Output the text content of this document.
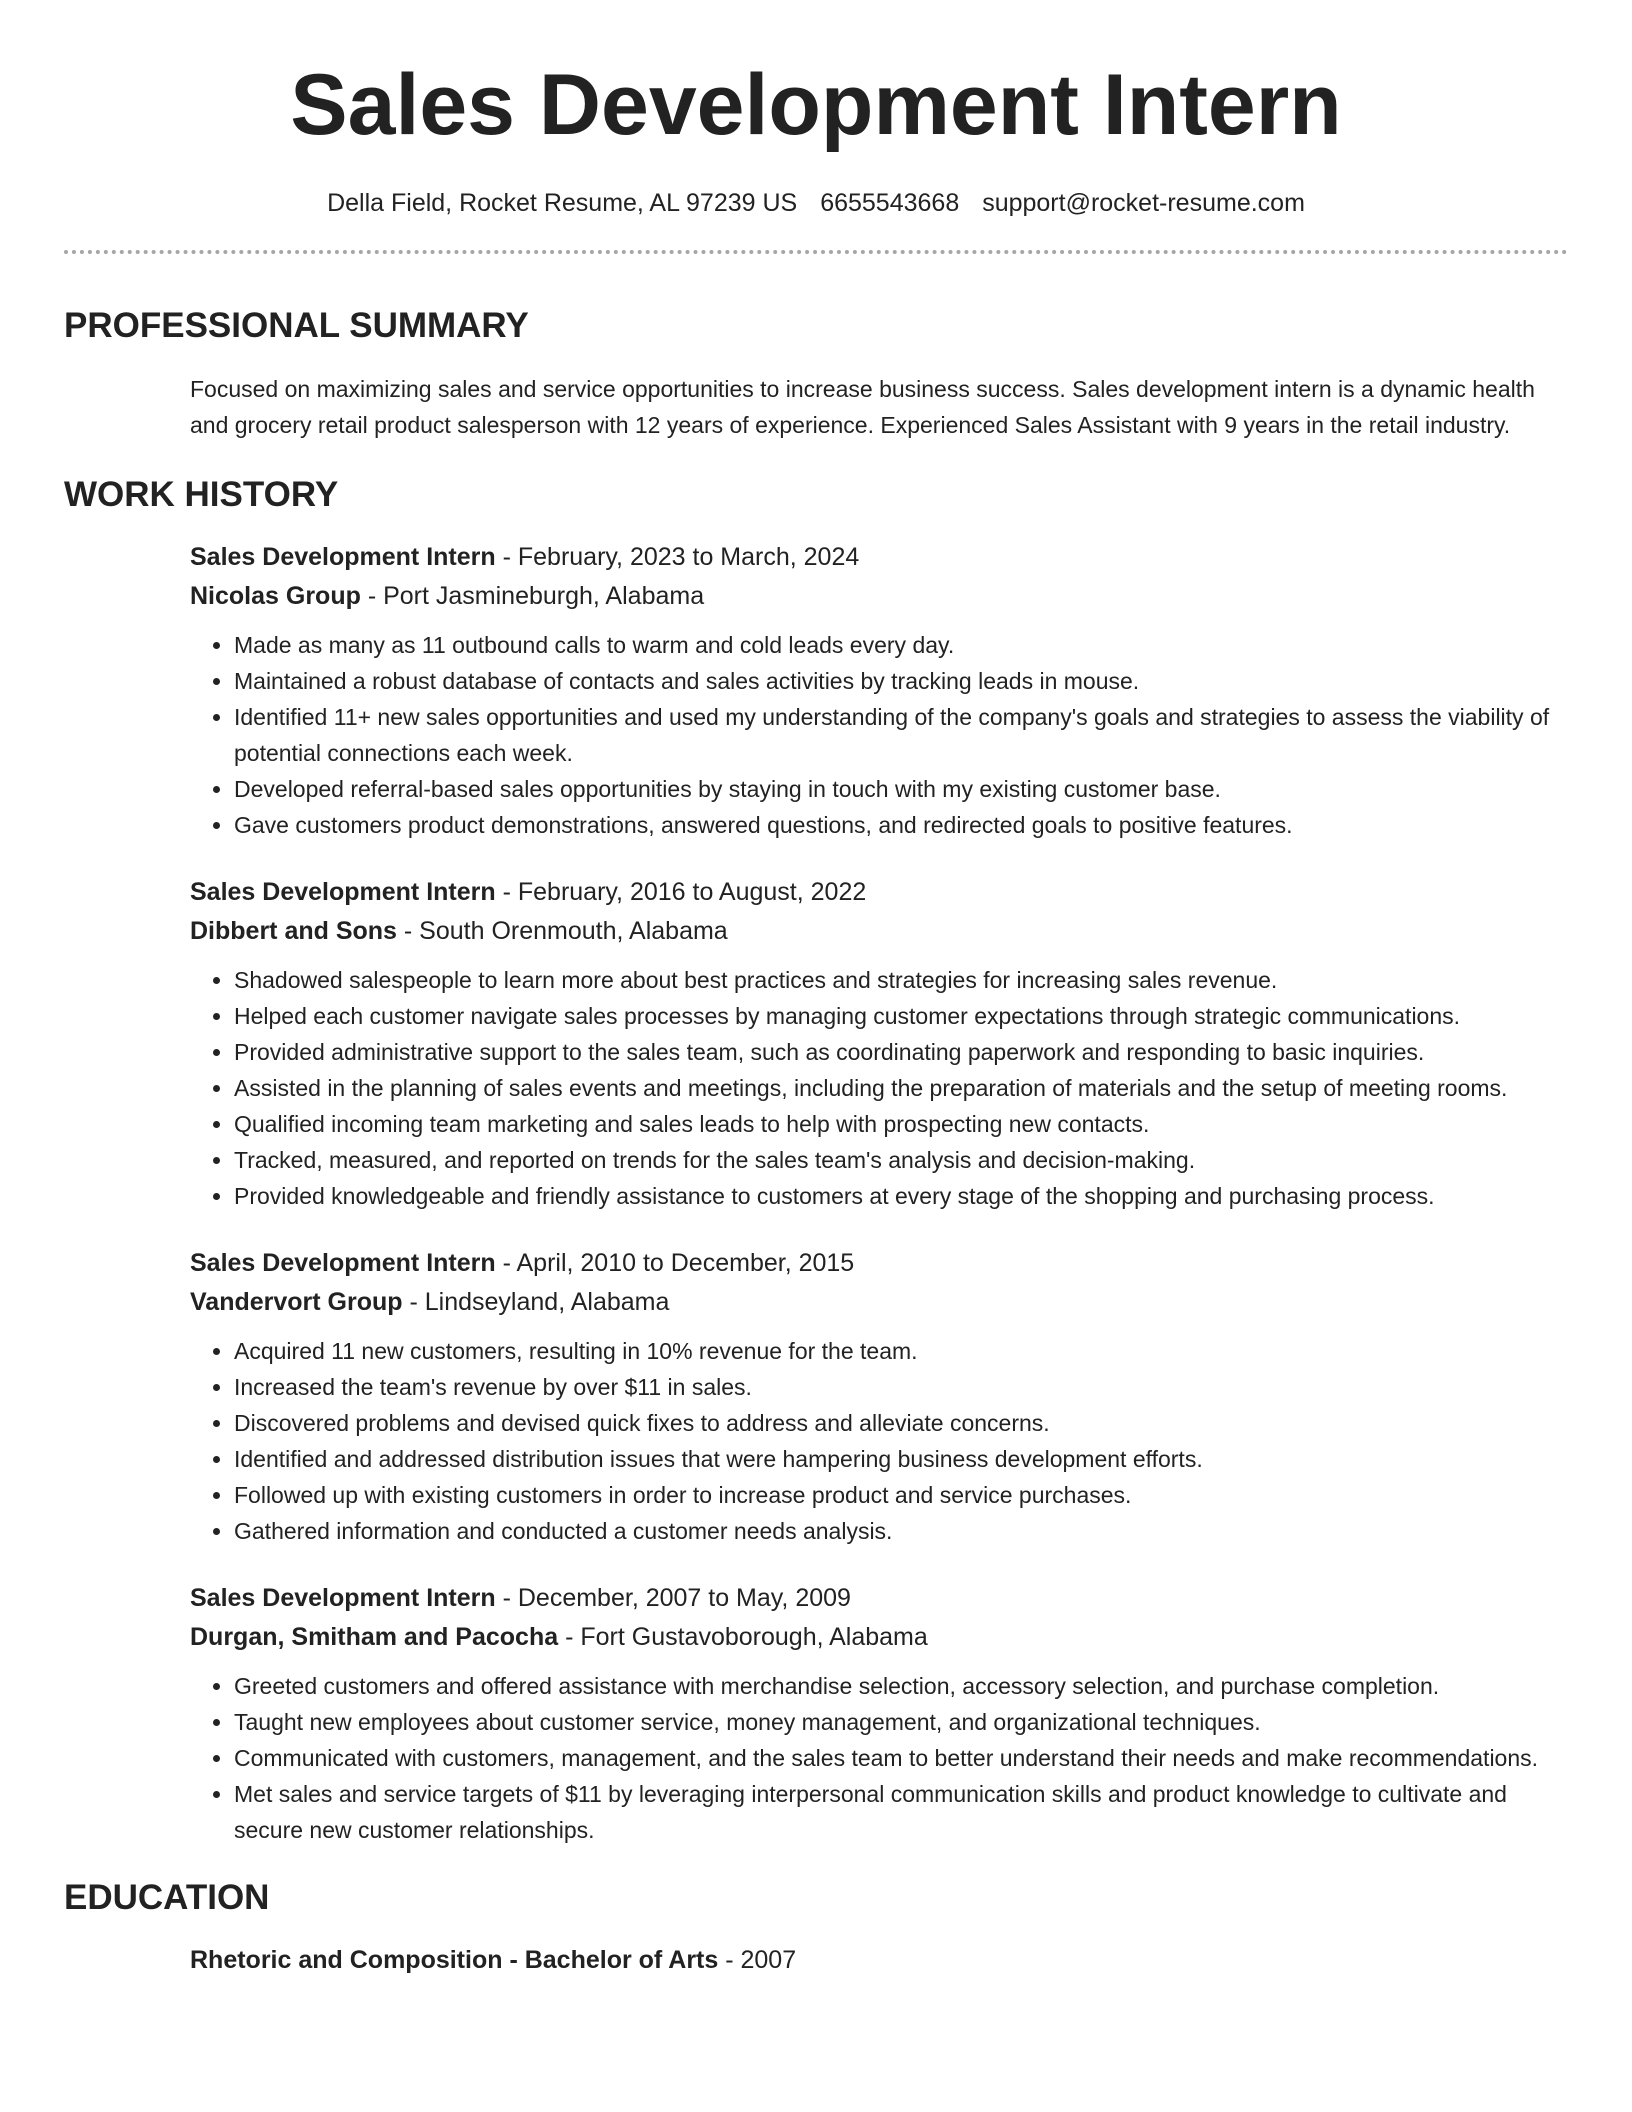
Sales Development Intern
Della Field, Rocket Resume, AL 97239 US 6655543668 support@rocket-resume.com
PROFESSIONAL SUMMARY
Focused on maximizing sales and service opportunities to increase business success. Sales development intern is a dynamic health and grocery retail product salesperson with 12 years of experience. Experienced Sales Assistant with 9 years in the retail industry.
WORK HISTORY
Sales Development Intern - February, 2023 to March, 2024
Nicolas Group - Port Jasmineburgh, Alabama
• Made as many as 11 outbound calls to warm and cold leads every day.
• Maintained a robust database of contacts and sales activities by tracking leads in mouse.
• Identified 11+ new sales opportunities and used my understanding of the company's goals and strategies to assess the viability of potential connections each week.
• Developed referral-based sales opportunities by staying in touch with my existing customer base.
• Gave customers product demonstrations, answered questions, and redirected goals to positive features.
Sales Development Intern - February, 2016 to August, 2022
Dibbert and Sons - South Orenmouth, Alabama
• Shadowed salespeople to learn more about best practices and strategies for increasing sales revenue.
• Helped each customer navigate sales processes by managing customer expectations through strategic communications.
• Provided administrative support to the sales team, such as coordinating paperwork and responding to basic inquiries.
• Assisted in the planning of sales events and meetings, including the preparation of materials and the setup of meeting rooms.
• Qualified incoming team marketing and sales leads to help with prospecting new contacts.
• Tracked, measured, and reported on trends for the sales team's analysis and decision-making.
• Provided knowledgeable and friendly assistance to customers at every stage of the shopping and purchasing process.
Sales Development Intern - April, 2010 to December, 2015
Vandervort Group - Lindseyland, Alabama
• Acquired 11 new customers, resulting in 10% revenue for the team.
• Increased the team's revenue by over $11 in sales.
• Discovered problems and devised quick fixes to address and alleviate concerns.
• Identified and addressed distribution issues that were hampering business development efforts.
• Followed up with existing customers in order to increase product and service purchases.
• Gathered information and conducted a customer needs analysis.
Sales Development Intern - December, 2007 to May, 2009
Durgan, Smitham and Pacocha - Fort Gustavoborough, Alabama
• Greeted customers and offered assistance with merchandise selection, accessory selection, and purchase completion.
• Taught new employees about customer service, money management, and organizational techniques.
• Communicated with customers, management, and the sales team to better understand their needs and make recommendations.
• Met sales and service targets of $11 by leveraging interpersonal communication skills and product knowledge to cultivate and secure new customer relationships.
EDUCATION
Rhetoric and Composition - Bachelor of Arts - 2007
